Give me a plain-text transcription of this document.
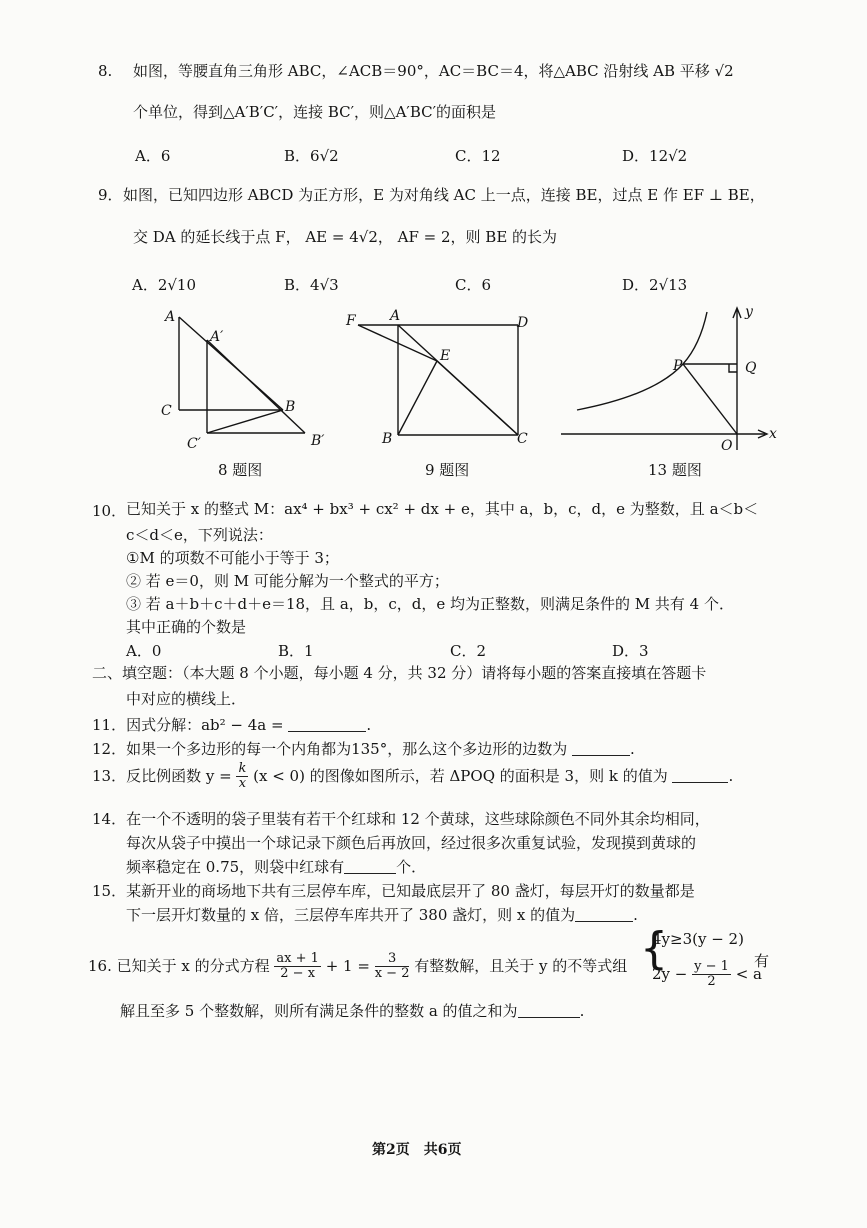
8. 如图，等腰直角三角形 ABC，∠ACB＝90°，AC＝BC＝4，将△ABC 沿射线 AB 平移 √2
个单位，得到△A′B′C′，连接 BC′，则△A′BC′的面积是
A．6	B．6√2	C．12	D．12√2
9． 如图，已知四边形 ABCD 为正方形，E 为对角线 AC 上一点，连接 BE，过点 E 作 EF ⊥ BE，
交 DA 的延长线于点 F， AE = 4√2， AF = 2，则 BE 的长为
A．2√10	B．4√3	C．6	D．2√13
A
A′
C	B
C′	B′
8 题图
F A	D
E
B	C
9 题图
y
P	Q
O
x
13 题图
10． 已知关于 x 的整式 M：ax⁴ + bx³ + cx² + dx + e，其中 a，b，c，d，e 为整数，且 a＜b＜
c＜d＜e，下列说法：
①M 的项数不可能小于等于 3；
② 若 e＝0，则 M 可能分解为一个整式的平方；
③ 若 a＋b＋c＋d＋e＝18，且 a，b，c，d，e 均为正整数，则满足条件的 M 共有 4 个．
其中正确的个数是
A．0	B．1	C．2	D．3
二、填空题：（本大题 8 个小题，每小题 4 分，共 32 分）请将每小题的答案直接填在答题卡
中对应的横线上．
11．因式分解：ab² − 4a =	.
12．如果一个多边形的每一个内角都为135°，那么这个多边形的边数为	.
13．反比例函数 $y = \frac{k}{x} (x < 0)$ 的图像如图所示，若 ΔPOQ 的面积是 3，则 k 的值为	.
14．在一个不透明的袋子里装有若干个红球和 12 个黄球，这些球除颜色不同外其余均相同，
每次从袋子中摸出一个球记录下颜色后再放回，经过很多次重复试验，发现摸到黄球的
频率稳定在 0.75，则袋中红球有	个．
15．某新开业的商场地下共有三层停车库，已知最底层开了 80 盏灯，每层开灯的数量都是
下一层开灯数量的 x 倍，三层停车库共开了 380 盏灯，则 x 的值为	.
16. 已知关于 x 的分式方程 $\frac{ax + 1}{2 - x} + 1 = \frac{3}{x - 2}$ 有整数解，且关于 y 的不等式组 {
4y≥3(y − 2)
$2y - \frac{y - 1}{2} < a$
有
解且至多 5 个整数解，则所有满足条件的整数 a 的值之和为	.
第2页　共6页
